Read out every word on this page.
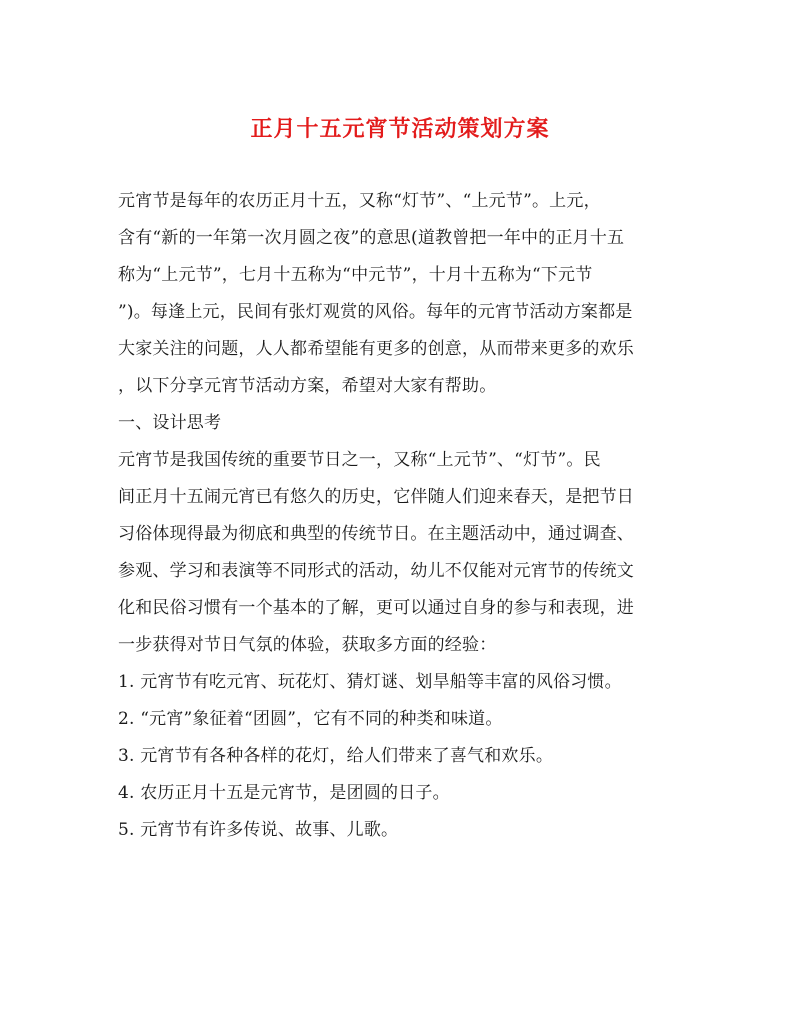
正月十五元宵节活动策划方案
元宵节是每年的农历正月十五，又称“灯节”、“上元节”。上元，
含有“新的一年第一次月圆之夜”的意思(道教曾把一年中的正月十五
称为“上元节”，七月十五称为“中元节”，十月十五称为“下元节
”)。每逢上元，民间有张灯观赏的风俗。每年的元宵节活动方案都是
大家关注的问题，人人都希望能有更多的创意，从而带来更多的欢乐
，以下分享元宵节活动方案，希望对大家有帮助。
一、设计思考
元宵节是我国传统的重要节日之一，又称“上元节”、“灯节”。民
间正月十五闹元宵已有悠久的历史，它伴随人们迎来春天，是把节日
习俗体现得最为彻底和典型的传统节日。在主题活动中，通过调查、
参观、学习和表演等不同形式的活动，幼儿不仅能对元宵节的传统文
化和民俗习惯有一个基本的了解，更可以通过自身的参与和表现，进
一步获得对节日气氛的体验，获取多方面的经验：
1. 元宵节有吃元宵、玩花灯、猜灯谜、划旱船等丰富的风俗习惯。
2. “元宵”象征着“团圆”，它有不同的种类和味道。
3. 元宵节有各种各样的花灯，给人们带来了喜气和欢乐。
4. 农历正月十五是元宵节，是团圆的日子。
5. 元宵节有许多传说、故事、儿歌。
